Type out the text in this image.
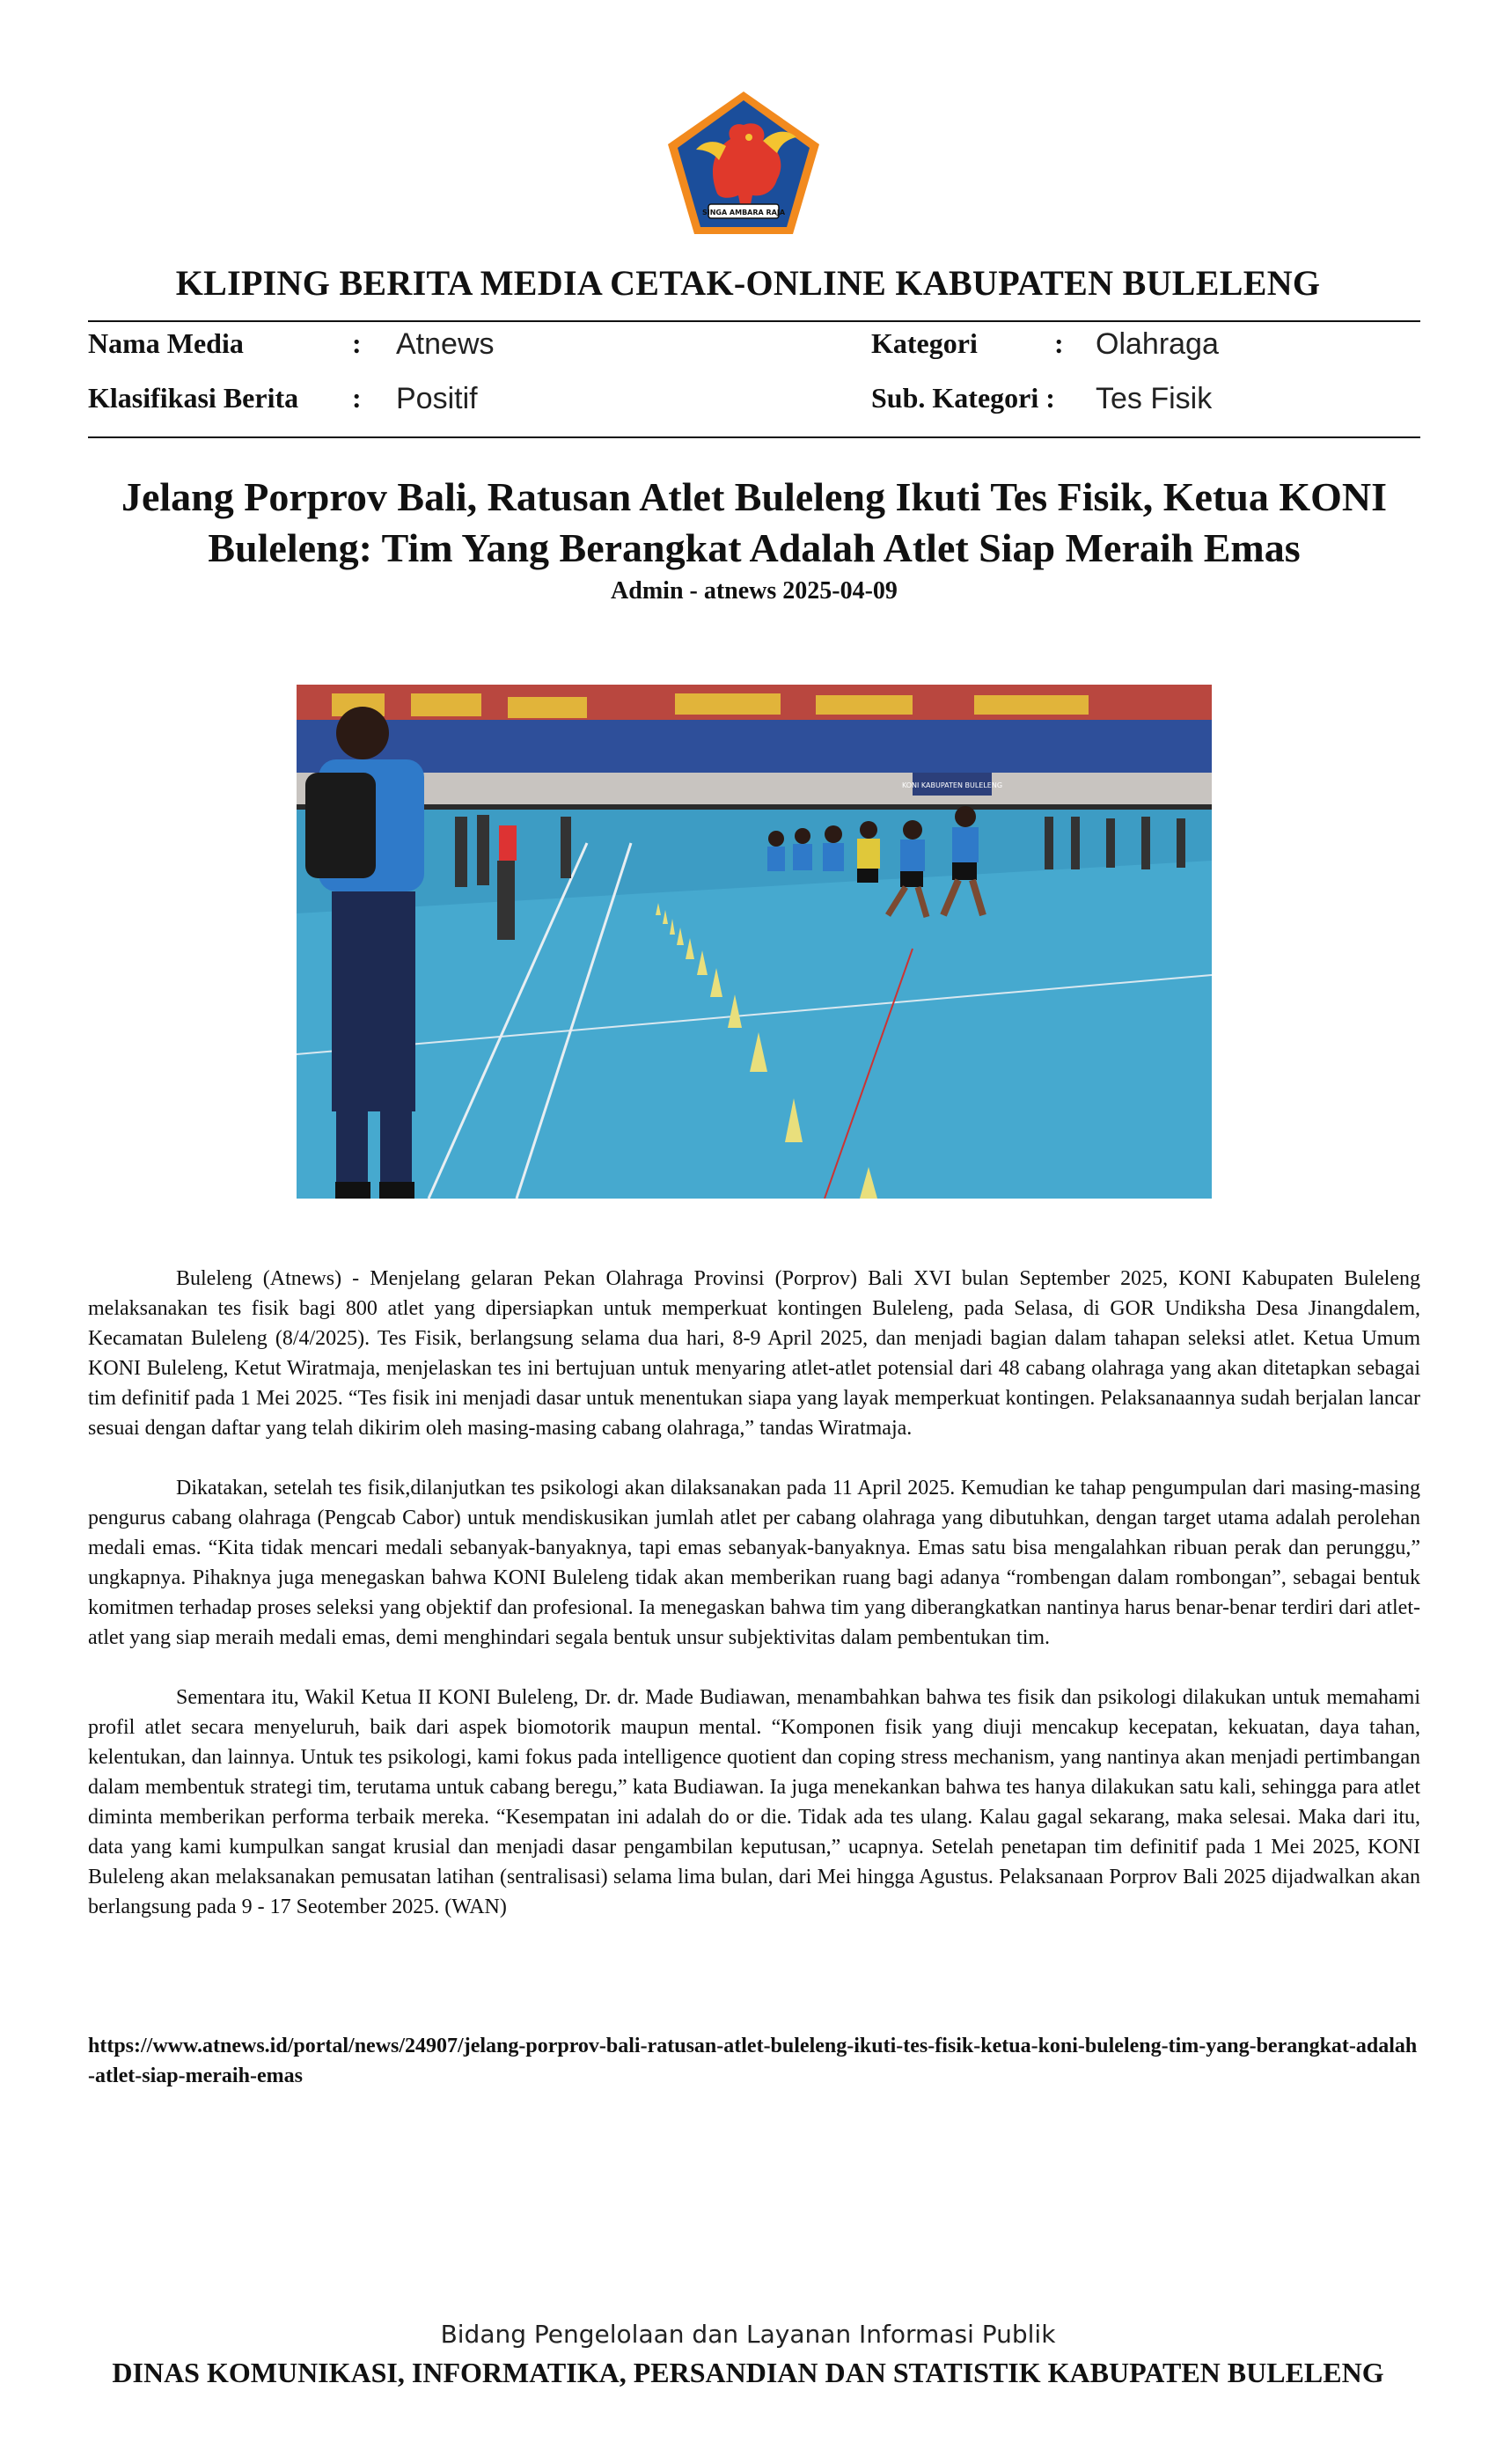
SINGA AMBARA RAJA
KLIPING BERITA MEDIA CETAK-ONLINE KABUPATEN BULELENG
Nama Media	: Atnews	Kategori	: Olahraga
Klasifikasi Berita : Positif	Sub. Kategori : Tes Fisik
Jelang Porprov Bali, Ratusan Atlet Buleleng Ikuti Tes Fisik, Ketua KONI Buleleng: Tim Yang Berangkat Adalah Atlet Siap Meraih Emas
Admin - atnews 2025-04-09
KONI KABUPATEN BULELENG

Buleleng (Atnews) - Menjelang gelaran Pekan Olahraga Provinsi (Porprov) Bali XVI bulan September 2025, KONI Kabupaten Buleleng melaksanakan tes fisik bagi 800 atlet yang dipersiapkan untuk memperkuat kontingen Buleleng, pada Selasa, di GOR Undiksha Desa Jinangdalem, Kecamatan Buleleng (8/4/2025). Tes Fisik, berlangsung selama dua hari, 8-9 April 2025, dan menjadi bagian dalam tahapan seleksi atlet. Ketua Umum KONI Buleleng, Ketut Wiratmaja, menjelaskan tes ini bertujuan untuk menyaring atlet-atlet potensial dari 48 cabang olahraga yang akan ditetapkan sebagai tim definitif pada 1 Mei 2025. “Tes fisik ini menjadi dasar untuk menentukan siapa yang layak memperkuat kontingen. Pelaksanaannya sudah berjalan lancar sesuai dengan daftar yang telah dikirim oleh masing-masing cabang olahraga,” tandas Wiratmaja.

Dikatakan, setelah tes fisik,dilanjutkan tes psikologi akan dilaksanakan pada 11 April 2025. Kemudian ke tahap pengumpulan dari masing-masing pengurus cabang olahraga (Pengcab Cabor) untuk mendiskusikan jumlah atlet per cabang olahraga yang dibutuhkan, dengan target utama adalah perolehan medali emas. “Kita tidak mencari medali sebanyak-banyaknya, tapi emas sebanyak-banyaknya. Emas satu bisa mengalahkan ribuan perak dan perunggu,” ungkapnya. Pihaknya juga menegaskan bahwa KONI Buleleng tidak akan memberikan ruang bagi adanya “rombengan dalam rombongan”, sebagai bentuk komitmen terhadap proses seleksi yang objektif dan profesional. Ia menegaskan bahwa tim yang diberangkatkan nantinya harus benar-benar terdiri dari atlet-atlet yang siap meraih medali emas, demi menghindari segala bentuk unsur subjektivitas dalam pembentukan tim.

Sementara itu, Wakil Ketua II KONI Buleleng, Dr. dr. Made Budiawan, menambahkan bahwa tes fisik dan psikologi dilakukan untuk memahami profil atlet secara menyeluruh, baik dari aspek biomotorik maupun mental. “Komponen fisik yang diuji mencakup kecepatan, kekuatan, daya tahan, kelentukan, dan lainnya. Untuk tes psikologi, kami fokus pada intelligence quotient dan coping stress mechanism, yang nantinya akan menjadi pertimbangan dalam membentuk strategi tim, terutama untuk cabang beregu,” kata Budiawan. Ia juga menekankan bahwa tes hanya dilakukan satu kali, sehingga para atlet diminta memberikan performa terbaik mereka. “Kesempatan ini adalah do or die. Tidak ada tes ulang. Kalau gagal sekarang, maka selesai. Maka dari itu, data yang kami kumpulkan sangat krusial dan menjadi dasar pengambilan keputusan,” ucapnya. Setelah penetapan tim definitif pada 1 Mei 2025, KONI Buleleng akan melaksanakan pemusatan latihan (sentralisasi) selama lima bulan, dari Mei hingga Agustus. Pelaksanaan Porprov Bali 2025 dijadwalkan akan berlangsung pada 9 - 17 Seotember 2025. (WAN)

https://www.atnews.id/portal/news/24907/jelang-porprov-bali-ratusan-atlet-buleleng-ikuti-tes-fisik-ketua-koni-buleleng-tim-yang-berangkat-adalah-atlet-siap-meraih-emas
Bidang Pengelolaan dan Layanan Informasi Publik
DINAS KOMUNIKASI, INFORMATIKA, PERSANDIAN DAN STATISTIK KABUPATEN BULELENG
